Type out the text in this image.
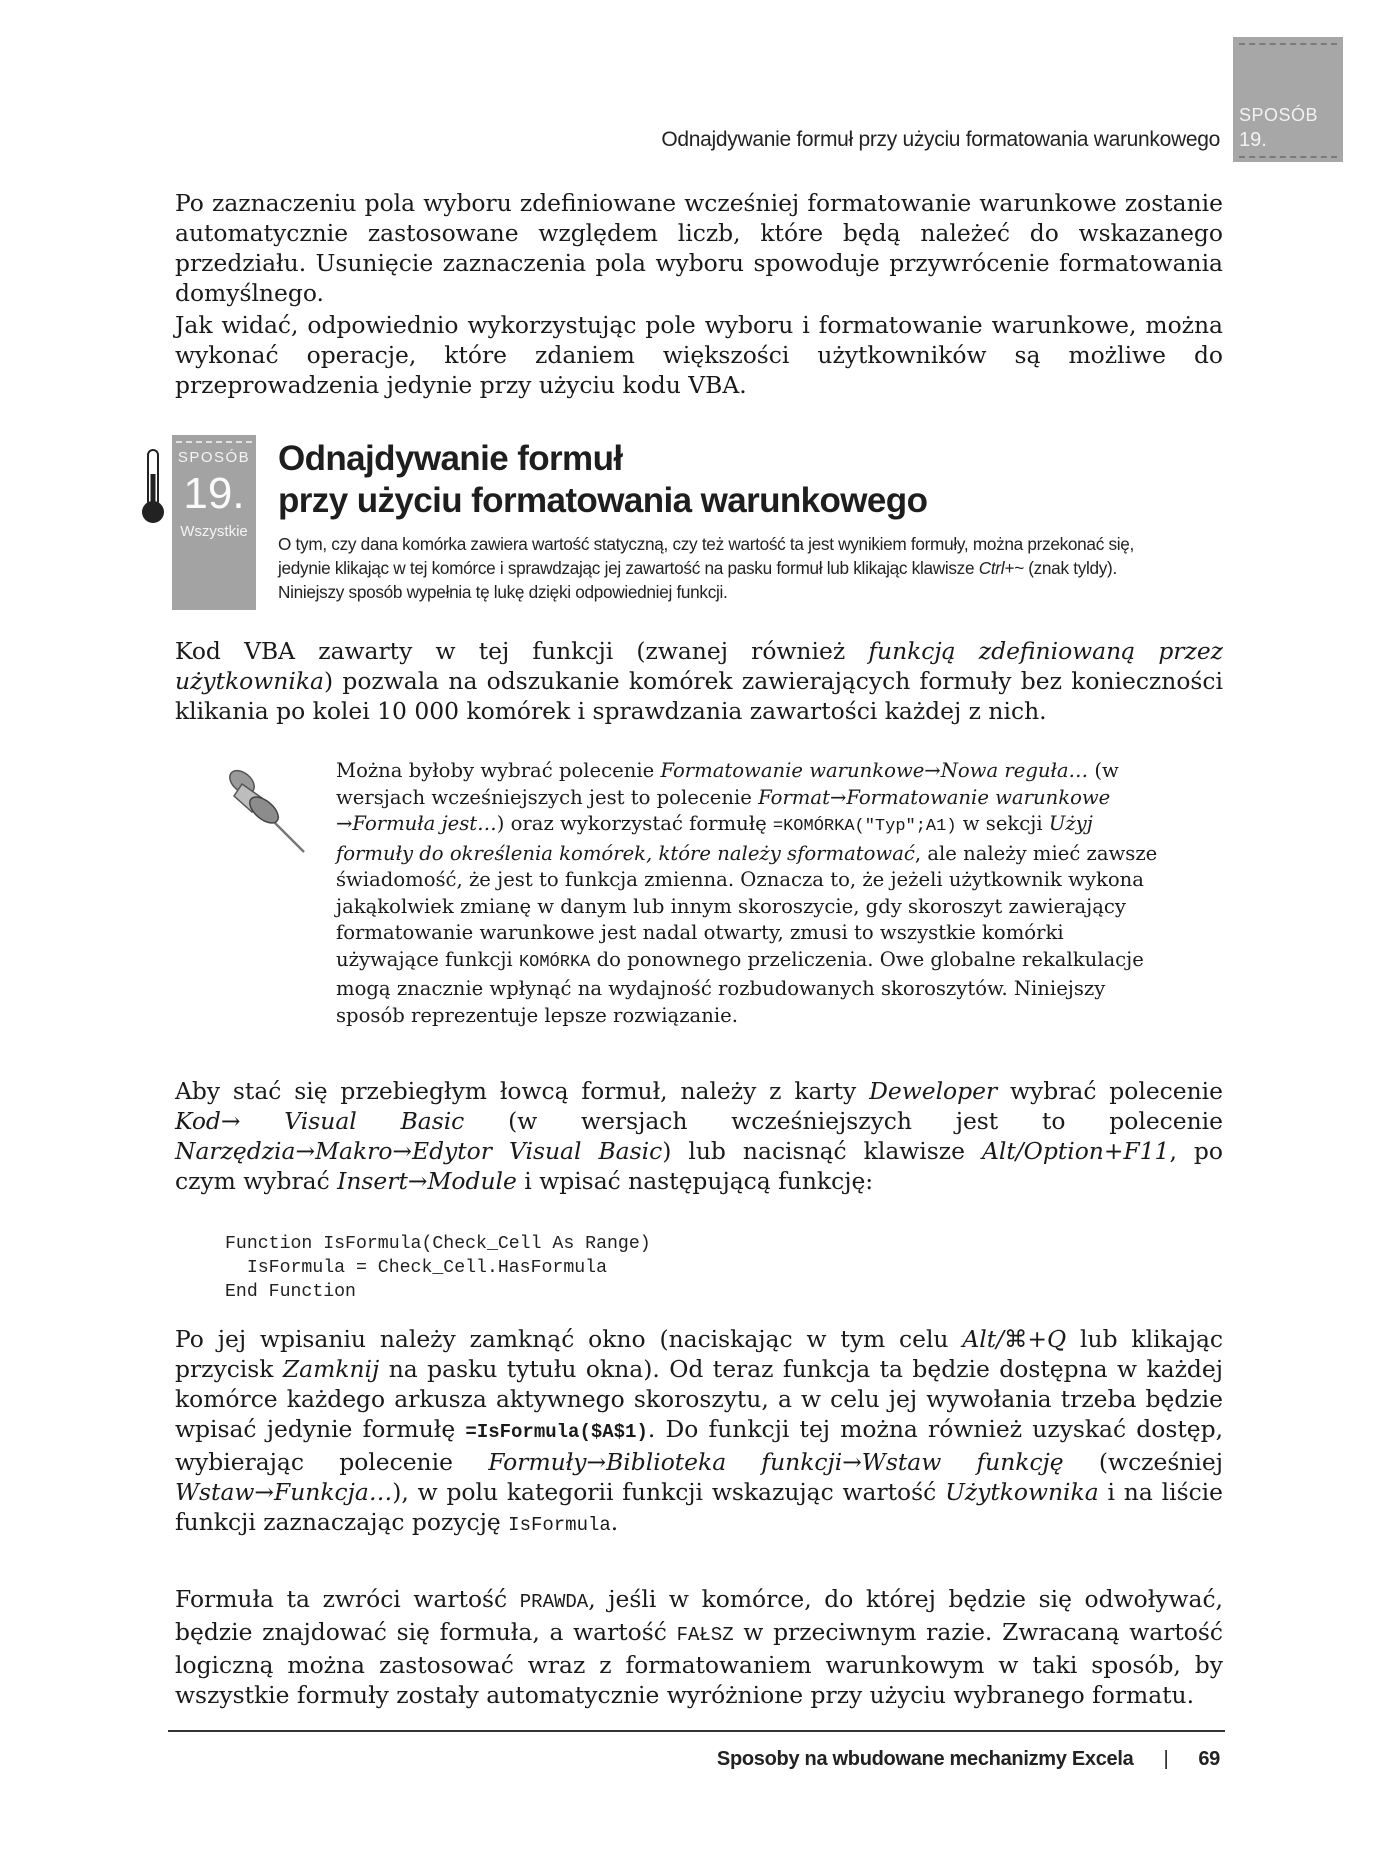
Odnajdywanie formuł przy użyciu formatowania warunkowego
SPOSÓB
19.

Po zaznaczeniu pola wyboru zdefiniowane wcześniej formatowanie warunkowe zostanie automatycznie zastosowane względem liczb, które będą należeć do wskazanego przedziału. Usunięcie zaznaczenia pola wyboru spowoduje przywrócenie formatowania domyślnego.

Jak widać, odpowiednio wykorzystując pole wyboru i formatowanie warunkowe, można wykonać operacje, które zdaniem większości użytkowników są możliwe do przeprowadzenia jedynie przy użyciu kodu VBA.

SPOSÓB
19.
Wszystkie
Odnajdywanie formuł
przy użyciu formatowania warunkowego
O tym, czy dana komórka zawiera wartość statyczną, czy też wartość ta jest wynikiem formuły, można przekonać się, jedynie klikając w tej komórce i sprawdzając jej zawartość na pasku formuł lub klikając klawisze Ctrl+~ (znak tyldy). Niniejszy sposób wypełnia tę lukę dzięki odpowiedniej funkcji.

Kod VBA zawarty w tej funkcji (zwanej również funkcją zdefiniowaną przez użytkownika) pozwala na odszukanie komórek zawierających formuły bez konieczności klikania po kolei 10 000 komórek i sprawdzania zawartości każdej z nich.

Można byłoby wybrać polecenie Formatowanie warunkowe→Nowa reguła… (w wersjach wcześniejszych jest to polecenie Format→Formatowanie warunkowe →Formuła jest…) oraz wykorzystać formułę =KOMÓRKA("Typ";A1) w sekcji Użyj formuły do określenia komórek, które należy sformatować, ale należy mieć zawsze świadomość, że jest to funkcja zmienna. Oznacza to, że jeżeli użytkownik wykona jakąkolwiek zmianę w danym lub innym skoroszycie, gdy skoroszyt zawierający formatowanie warunkowe jest nadal otwarty, zmusi to wszystkie komórki używające funkcji KOMÓRKA do ponownego przeliczenia. Owe globalne rekalkulacje mogą znacznie wpłynąć na wydajność rozbudowanych skoroszytów. Niniejszy sposób reprezentuje lepsze rozwiązanie.

Aby stać się przebiegłym łowcą formuł, należy z karty Deweloper wybrać polecenie Kod→ Visual Basic (w wersjach wcześniejszych jest to polecenie Narzędzia→Makro→Edytor Visual Basic) lub nacisnąć klawisze Alt/Option+F11, po czym wybrać Insert→Module i wpisać następującą funkcję:

Function IsFormula(Check_Cell As Range)
IsFormula = Check_Cell.HasFormula
End Function

Po jej wpisaniu należy zamknąć okno (naciskając w tym celu Alt/⌘+Q lub klikając przycisk Zamknij na pasku tytułu okna). Od teraz funkcja ta będzie dostępna w każdej komórce każdego arkusza aktywnego skoroszytu, a w celu jej wywołania trzeba będzie wpisać jedynie formułę =IsFormula($A$1). Do funkcji tej można również uzyskać dostęp, wybierając polecenie Formuły→Biblioteka funkcji→Wstaw funkcję (wcześniej Wstaw→Funkcja…), w polu kategorii funkcji wskazując wartość Użytkownika i na liście funkcji zaznaczając pozycję IsFormula.

Formuła ta zwróci wartość PRAWDA, jeśli w komórce, do której będzie się odwoływać, będzie znajdować się formuła, a wartość FAŁSZ w przeciwnym razie. Zwracaną wartość logiczną można zastosować wraz z formatowaniem warunkowym w taki sposób, by wszystkie formuły zostały automatycznie wyróżnione przy użyciu wybranego formatu.

Sposoby na wbudowane mechanizmy Excela | 69
